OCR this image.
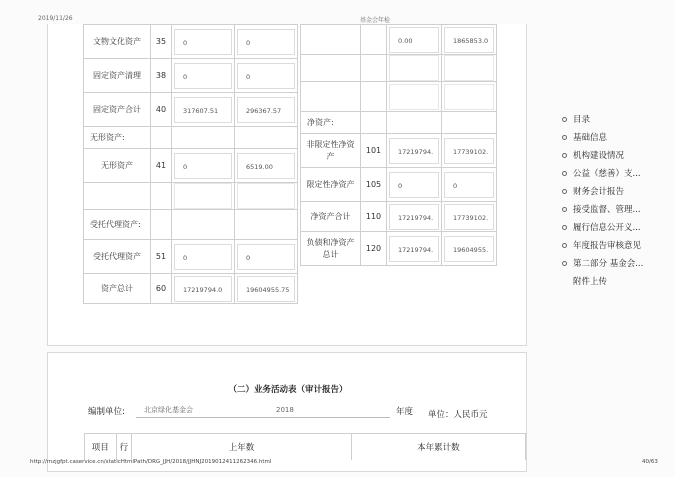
2019/11/26	基金会年检
文物文化资产	35	0	0

固定资产清理	38	0	0

固定资产合计	40	317607.51	296367.57

无形资产:			
无形资产	41	0	6519.00

受托代理资产:			
受托代理资产	51	0	0

资产总计	60	17219794.0	19604955.75

		0.00	1865853.0

净资产:			
非限定性净资产	101	17219794.	17739102.

限定性净资产	105	0	0

净资产合计	110	17219794.	17739102.

负债和净资产总计	120	17219794.	19604955.
目录
基础信息
机构建设情况
公益（慈善）支...
财务会计报告
接受监督、管理...
履行信息公开义...
年度报告审核意见
第二部分 基金会...
附件上传
（二）业务活动表（审计报告）
编制单位:	北京绿化基金会	2018	年度 单位：人民币元
项目	行	上年数	本年累计数
http://mzjgfpt.caservice.cn/staticHtmlPath/DRG_JJH/2018/JJHNJ2019012411262346.html	40/63
